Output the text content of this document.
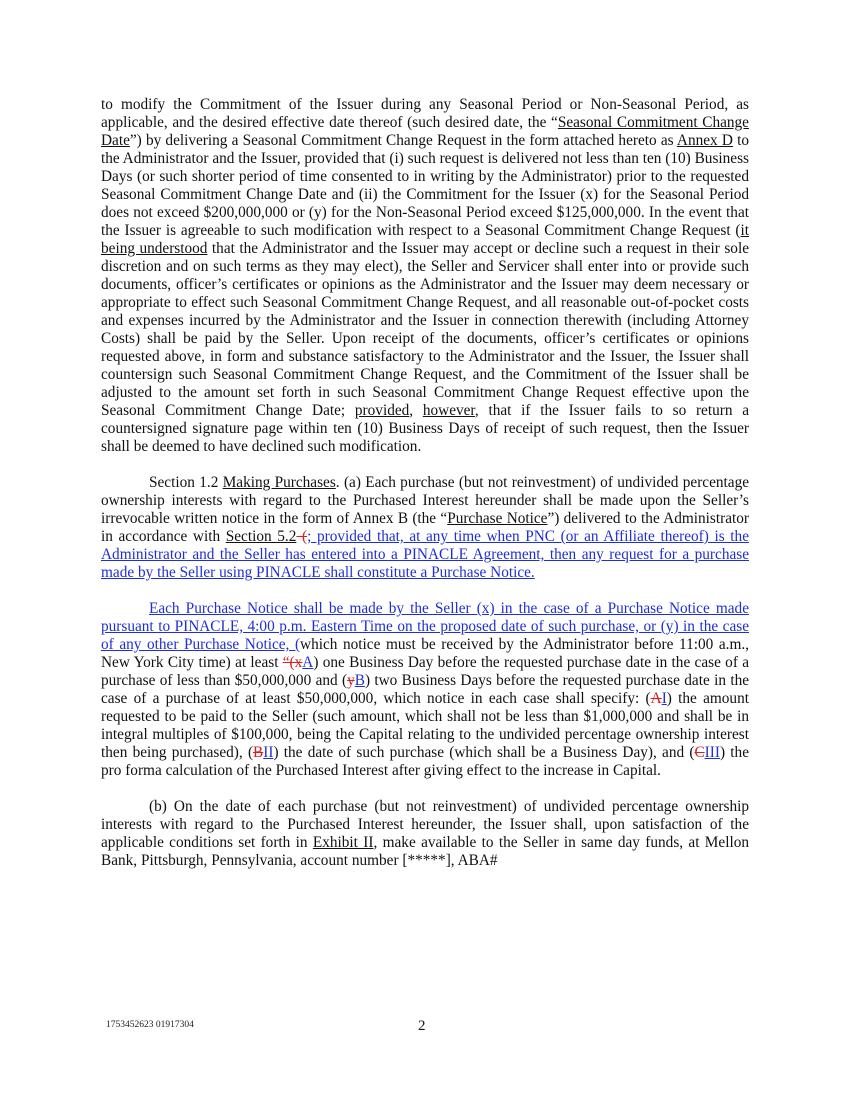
to modify the Commitment of the Issuer during any Seasonal Period or Non-Seasonal Period, as applicable, and the desired effective date thereof (such desired date, the “Seasonal Commitment Change Date”) by delivering a Seasonal Commitment Change Request in the form attached hereto as Annex D to the Administrator and the Issuer, provided that (i) such request is delivered not less than ten (10) Business Days (or such shorter period of time consented to in writing by the Administrator) prior to the requested Seasonal Commitment Change Date and (ii) the Commitment for the Issuer (x) for the Seasonal Period does not exceed $200,000,000 or (y) for the Non-Seasonal Period exceed $125,000,000. In the event that the Issuer is agreeable to such modification with respect to a Seasonal Commitment Change Request (it being understood that the Administrator and the Issuer may accept or decline such a request in their sole discretion and on such terms as they may elect), the Seller and Servicer shall enter into or provide such documents, officer’s certificates or opinions as the Administrator and the Issuer may deem necessary or appropriate to effect such Seasonal Commitment Change Request, and all reasonable out-of-pocket costs and expenses incurred by the Administrator and the Issuer in connection therewith (including Attorney Costs) shall be paid by the Seller. Upon receipt of the documents, officer’s certificates or opinions requested above, in form and substance satisfactory to the Administrator and the Issuer, the Issuer shall countersign such Seasonal Commitment Change Request, and the Commitment of the Issuer shall be adjusted to the amount set forth in such Seasonal Commitment Change Request effective upon the Seasonal Commitment Change Date; provided, however, that if the Issuer fails to so return a countersigned signature page within ten (10) Business Days of receipt of such request, then the Issuer shall be deemed to have declined such modification.

Section 1.2 Making Purchases. (a) Each purchase (but not reinvestment) of undivided percentage ownership interests with regard to the Purchased Interest hereunder shall be made upon the Seller’s irrevocable written notice in the form of Annex B (the “Purchase Notice”) delivered to the Administrator in accordance with Section 5.2 (; provided that, at any time when PNC (or an Affiliate thereof) is the Administrator and the Seller has entered into a PINACLE Agreement, then any request for a purchase made by the Seller using PINACLE shall constitute a Purchase Notice.

Each Purchase Notice shall be made by the Seller (x) in the case of a Purchase Notice made pursuant to PINACLE, 4:00 p.m. Eastern Time on the proposed date of such purchase, or (y) in the case of any other Purchase Notice, (which notice must be received by the Administrator before 11:00 a.m., New York City time) at least “(xA) one Business Day before the requested purchase date in the case of a purchase of less than $50,000,000 and (yB) two Business Days before the requested purchase date in the case of a purchase of at least $50,000,000, which notice in each case shall specify: (AI) the amount requested to be paid to the Seller (such amount, which shall not be less than $1,000,000 and shall be in integral multiples of $100,000, being the Capital relating to the undivided percentage ownership interest then being purchased), (BII) the date of such purchase (which shall be a Business Day), and (CIII) the pro forma calculation of the Purchased Interest after giving effect to the increase in Capital.

(b) On the date of each purchase (but not reinvestment) of undivided percentage ownership interests with regard to the Purchased Interest hereunder, the Issuer shall, upon satisfaction of the applicable conditions set forth in Exhibit II, make available to the Seller in same day funds, at Mellon Bank, Pittsburgh, Pennsylvania, account number [*****], ABA#

1753452623 01917304	2
